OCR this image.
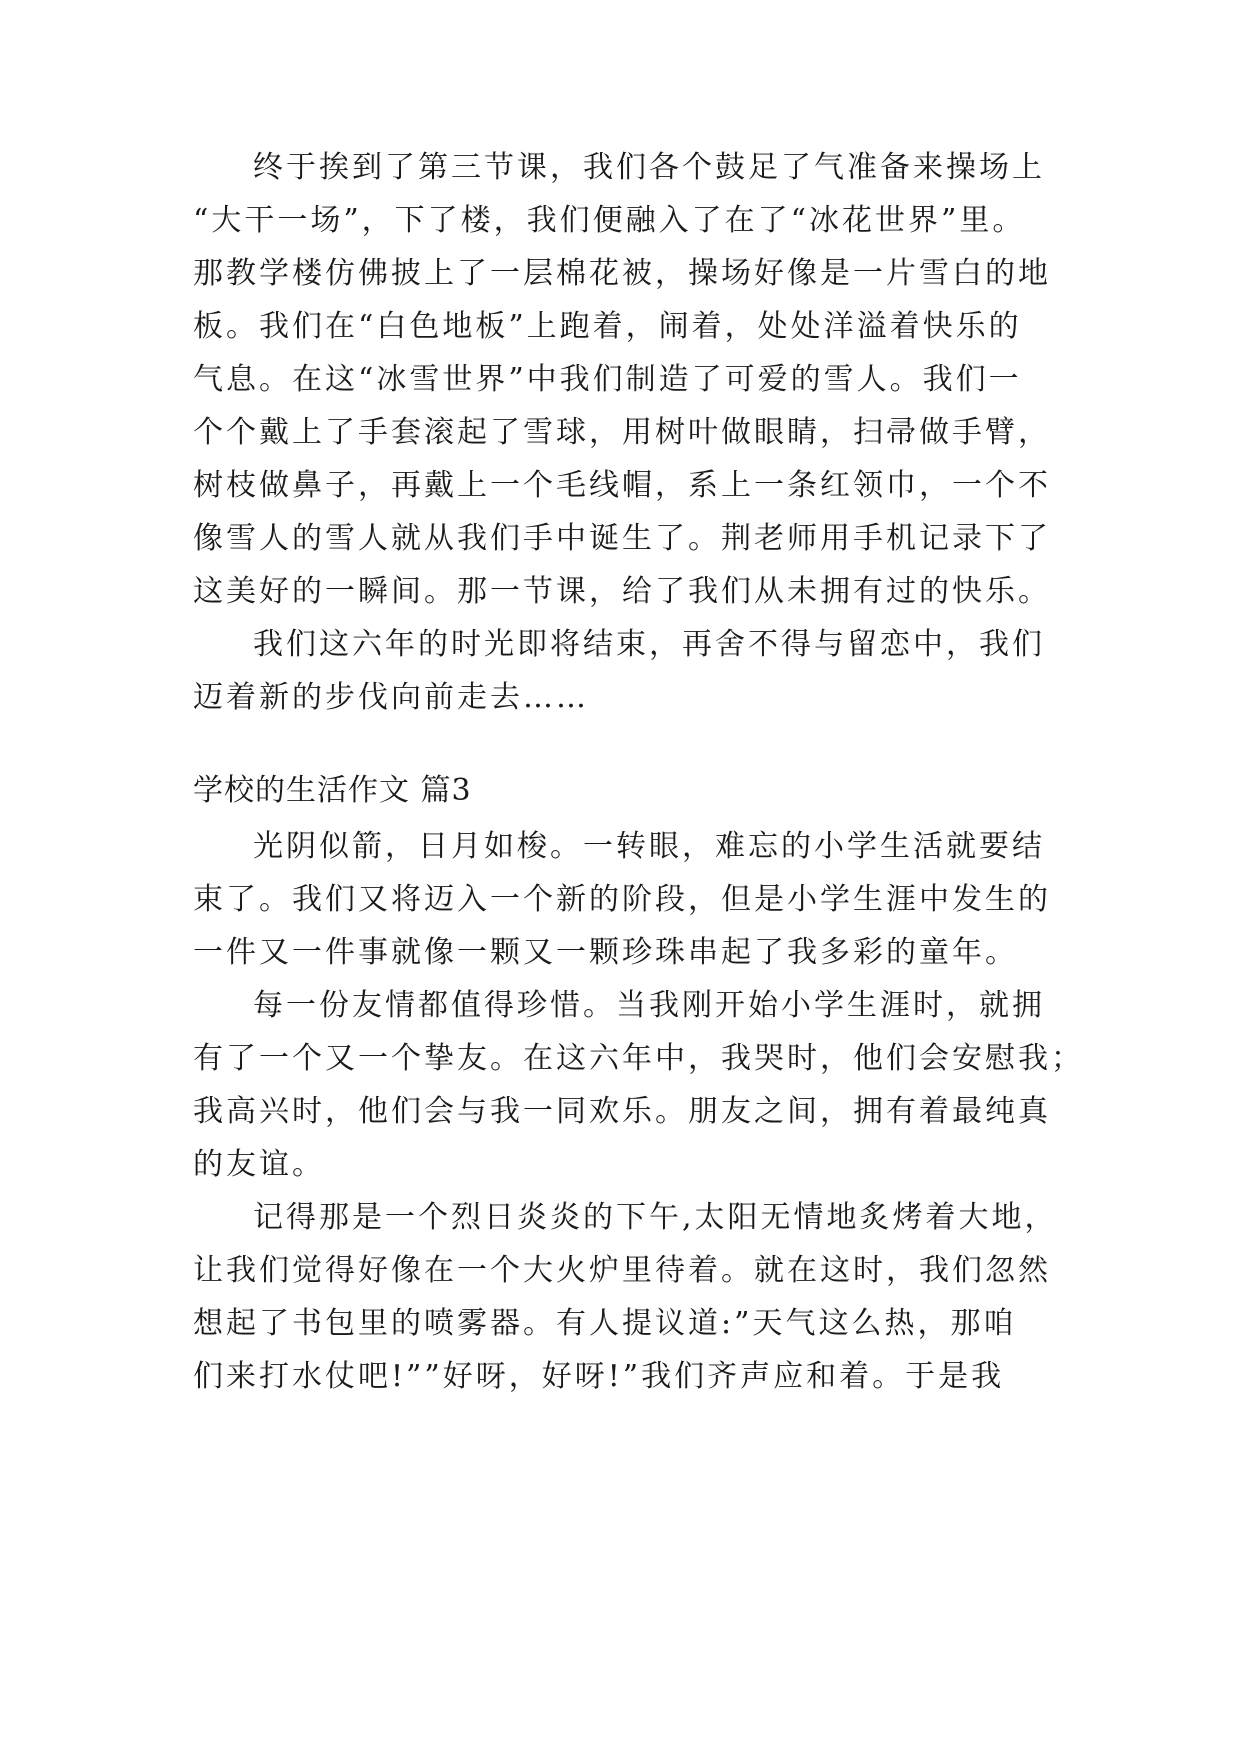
终于挨到了第三节课，我们各个鼓足了气准备来操场上
“大干一场”，下了楼，我们便融入了在了“冰花世界”里。
那教学楼仿佛披上了一层棉花被，操场好像是一片雪白的地
板。我们在“白色地板”上跑着，闹着，处处洋溢着快乐的
气息。在这“冰雪世界”中我们制造了可爱的雪人。我们一
个个戴上了手套滚起了雪球，用树叶做眼睛，扫帚做手臂，
树枝做鼻子，再戴上一个毛线帽，系上一条红领巾，一个不
像雪人的雪人就从我们手中诞生了。荆老师用手机记录下了
这美好的一瞬间。那一节课，给了我们从未拥有过的快乐。
我们这六年的时光即将结束，再舍不得与留恋中，我们
迈着新的步伐向前走去……
学校的生活作文 篇3
光阴似箭，日月如梭。一转眼，难忘的小学生活就要结
束了。我们又将迈入一个新的阶段，但是小学生涯中发生的
一件又一件事就像一颗又一颗珍珠串起了我多彩的童年。
每一份友情都值得珍惜。当我刚开始小学生涯时，就拥
有了一个又一个挚友。在这六年中，我哭时，他们会安慰我；
我高兴时，他们会与我一同欢乐。朋友之间，拥有着最纯真
的友谊。
记得那是一个烈日炎炎的下午,太阳无情地炙烤着大地，
让我们觉得好像在一个大火炉里待着。就在这时，我们忽然
想起了书包里的喷雾器。有人提议道:”天气这么热，那咱
们来打水仗吧!””好呀，好呀!”我们齐声应和着。于是我
